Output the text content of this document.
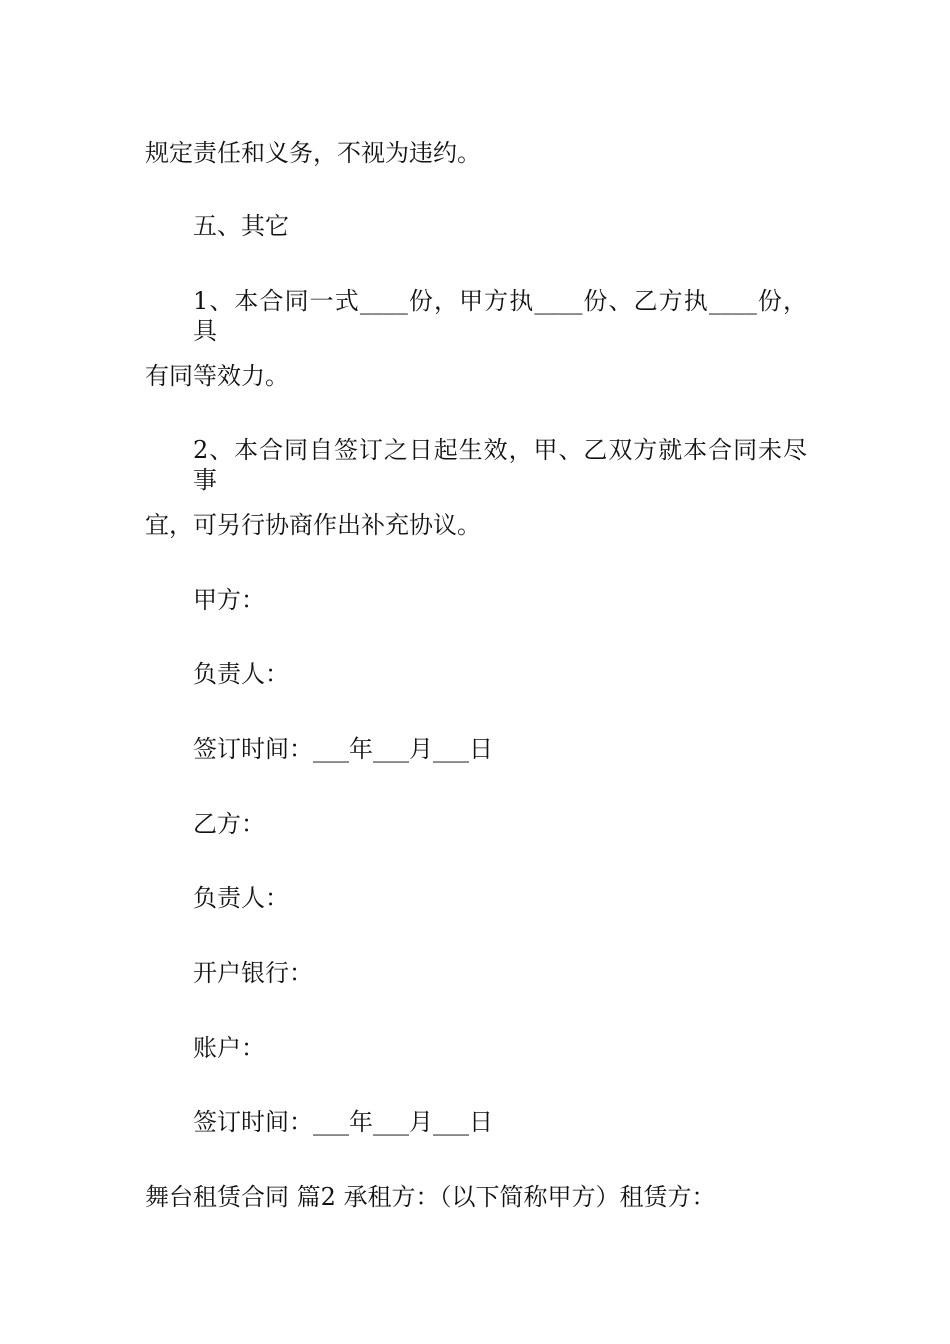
规定责任和义务，不视为违约。
五、其它
1、本合同一式____份，甲方执____份、乙方执____份，具
有同等效力。
2、本合同自签订之日起生效，甲、乙双方就本合同未尽事
宜，可另行协商作出补充协议。
甲方：
负责人：
签订时间：___年___月___日
乙方：
负责人：
开户银行：
账户：
签订时间：___年___月___日
舞台租赁合同 篇2 承租方：（以下简称甲方）租赁方：
